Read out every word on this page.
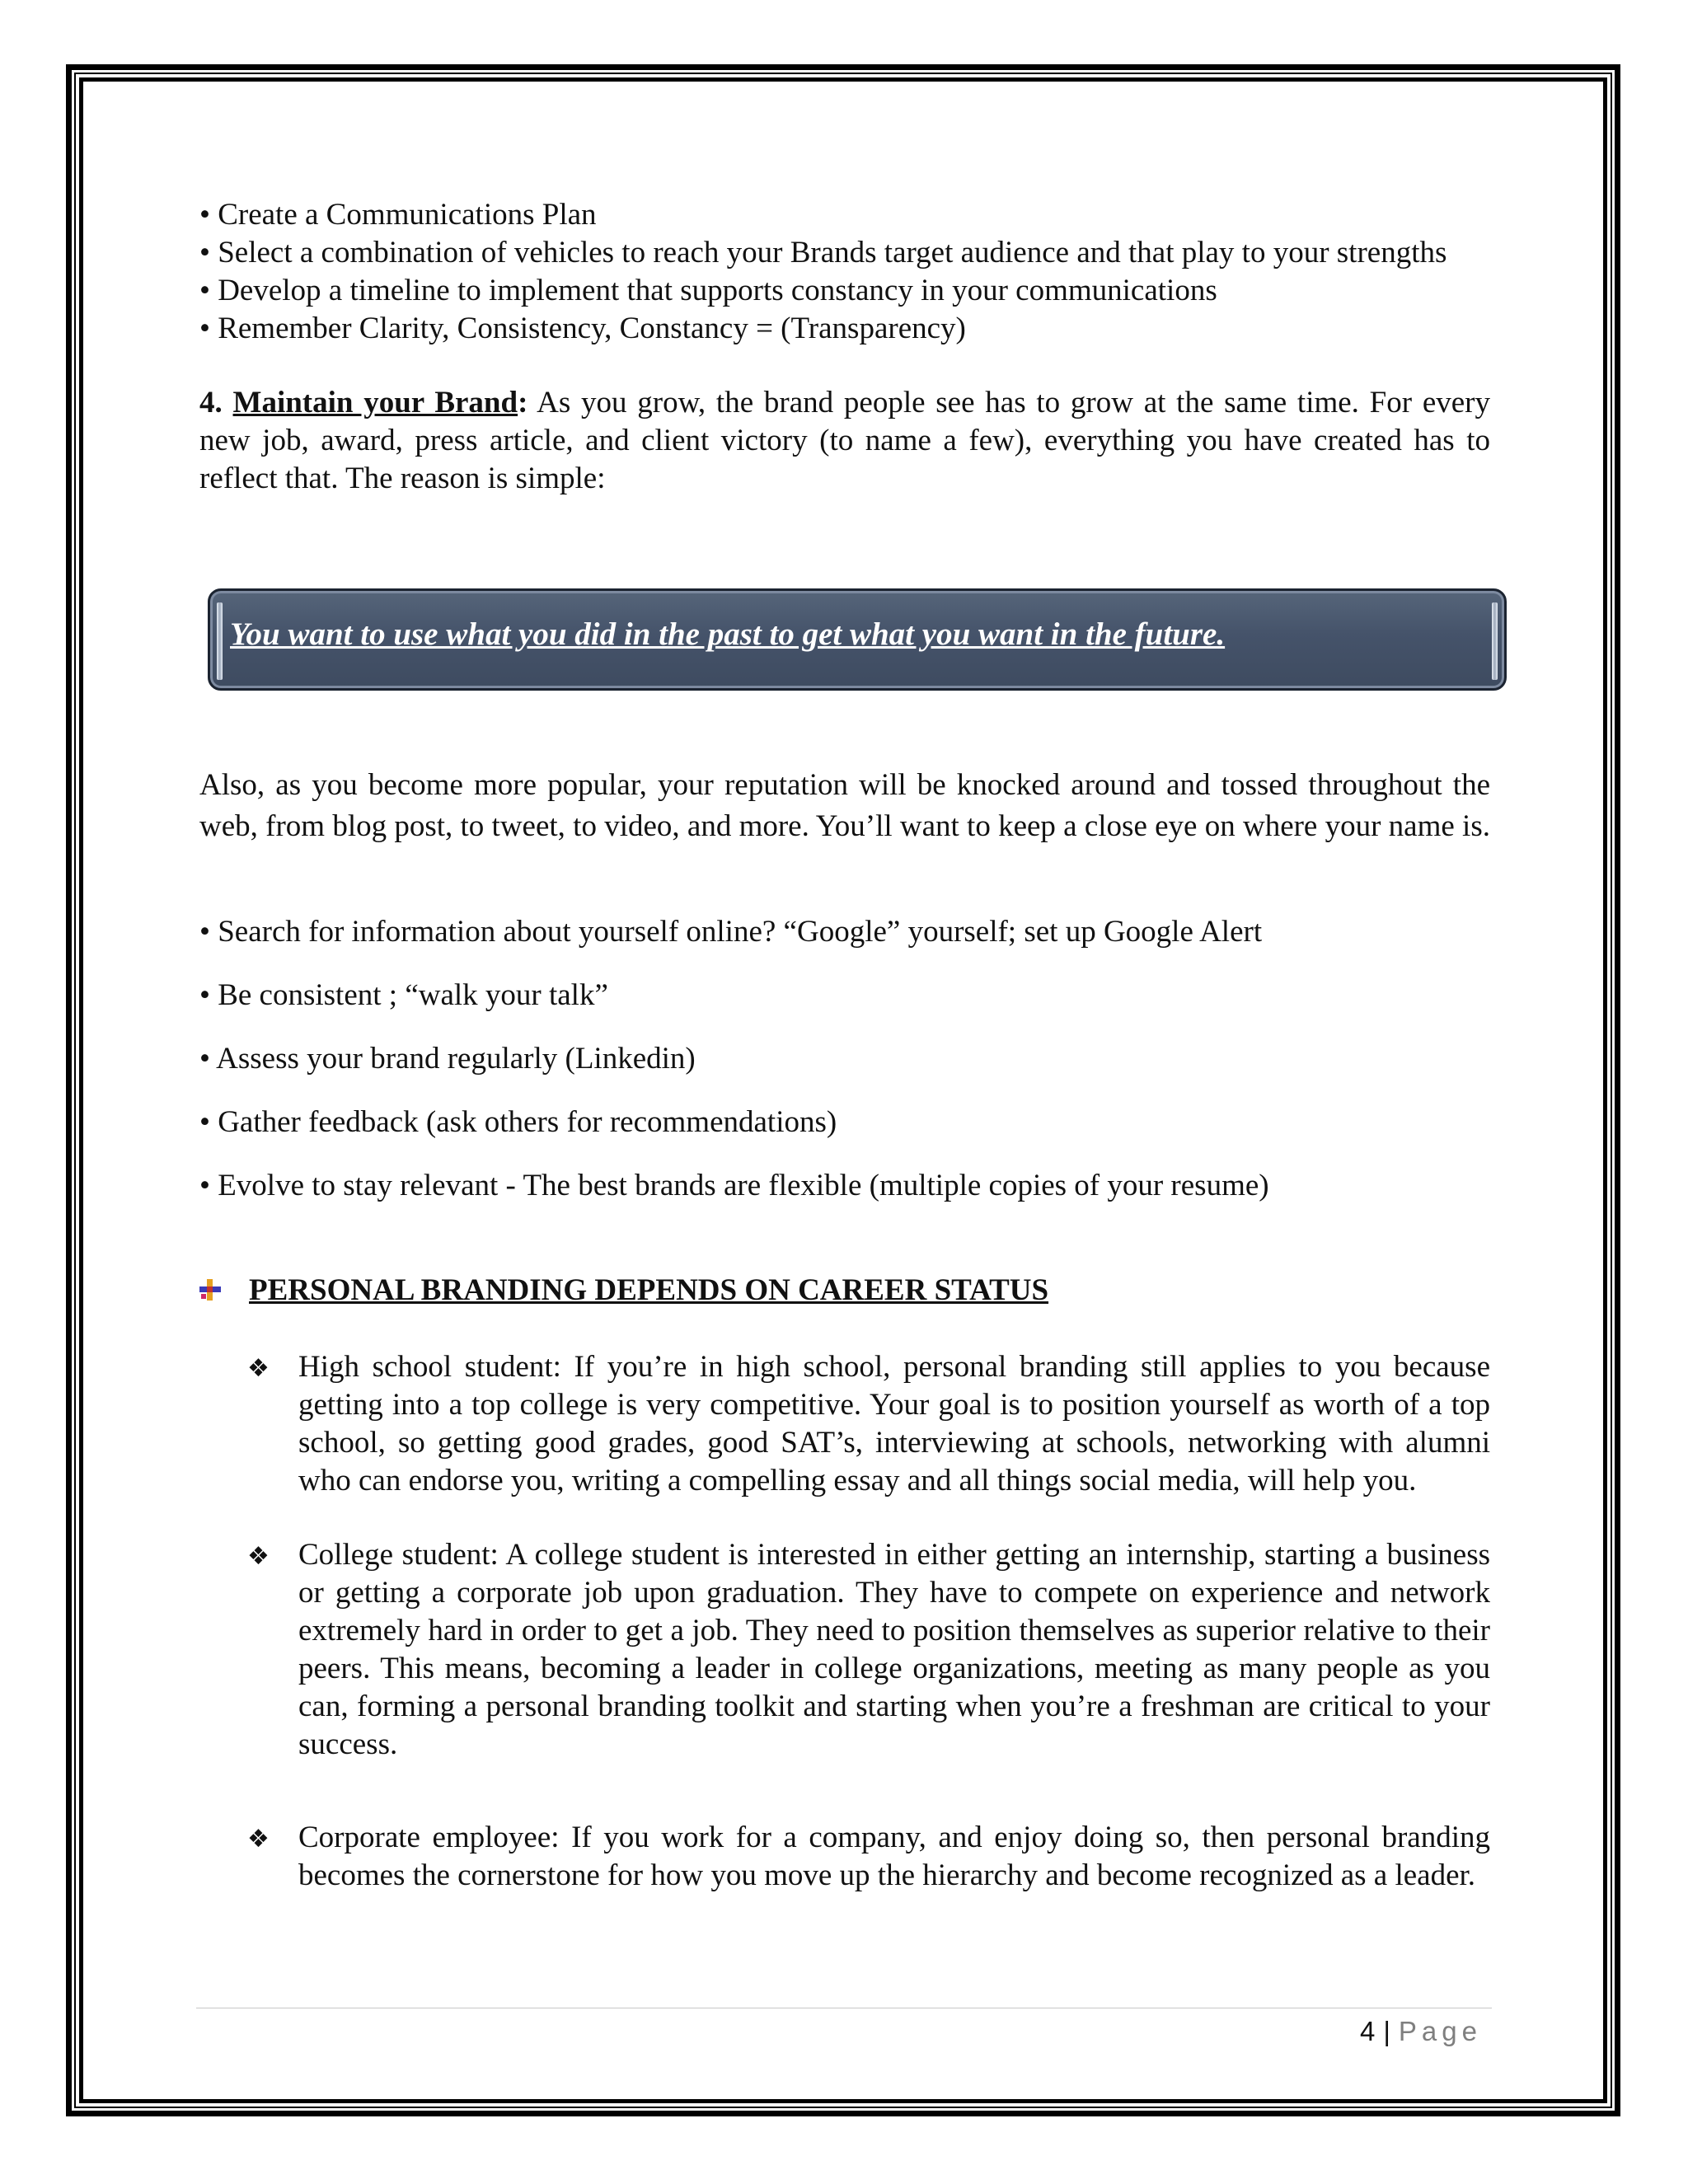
• Create a Communications Plan

• Select a combination of vehicles to reach your Brands target audience and that play to your strengths

• Develop a timeline to implement that supports constancy in your communications

• Remember Clarity, Consistency, Constancy = (Transparency)

4. Maintain your Brand: As you grow, the brand people see has to grow at the same time. For every new job, award, press article, and client victory (to name a few), everything you have created has to reflect that. The reason is simple:

You want to use what you did in the past to get what you want in the future.

Also, as you become more popular, your reputation will be knocked around and tossed throughout the web, from blog post, to tweet, to video, and more. You’ll want to keep a close eye on where your name is.

• Search for information about yourself online? “Google” yourself; set up Google Alert

• Be consistent ; “walk your talk”

• Assess your brand regularly (Linkedin)

• Gather feedback (ask others for recommendations)

• Evolve to stay relevant - The best brands are flexible (multiple copies of your resume)

PERSONAL BRANDING DEPENDS ON CAREER STATUS
❖ High school student: If you’re in high school, personal branding still applies to you because getting into a top college is very competitive. Your goal is to position yourself as worth of a top school, so getting good grades, good SAT’s, interviewing at schools, networking with alumni who can endorse you, writing a compelling essay and all things social media, will help you.

❖ College student: A college student is interested in either getting an internship, starting a business or getting a corporate job upon graduation. They have to compete on experience and network extremely hard in order to get a job. They need to position themselves as superior relative to their peers. This means, becoming a leader in college organizations, meeting as many people as you can, forming a personal branding toolkit and starting when you’re a freshman are critical to your success.

❖ Corporate employee: If you work for a company, and enjoy doing so, then personal branding becomes the cornerstone for how you move up the hierarchy and become recognized as a leader.

4 | Page
